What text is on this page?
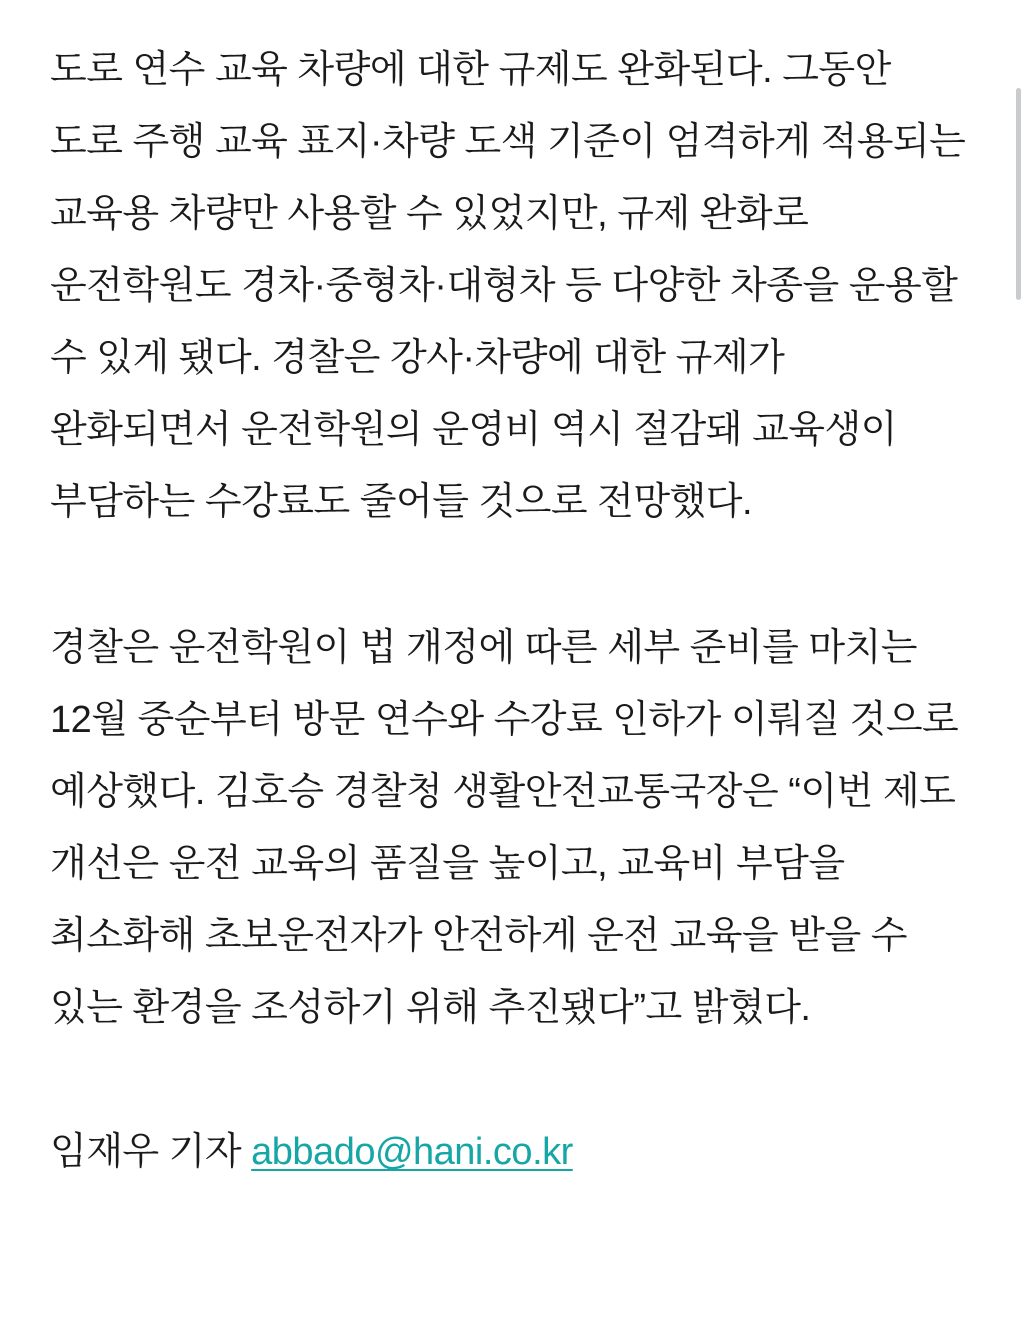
도로 연수 교육 차량에 대한 규제도 완화된다. 그동안 도로 주행 교육 표지·차량 도색 기준이 엄격하게 적용되는 교육용 차량만 사용할 수 있었지만, 규제 완화로 운전학원도 경차·중형차·대형차 등 다양한 차종을 운용할 수 있게 됐다. 경찰은 강사·차량에 대한 규제가 완화되면서 운전학원의 운영비 역시 절감돼 교육생이 부담하는 수강료도 줄어들 것으로 전망했다.

경찰은 운전학원이 법 개정에 따른 세부 준비를 마치는 12월 중순부터 방문 연수와 수강료 인하가 이뤄질 것으로 예상했다. 김호승 경찰청 생활안전교통국장은 “이번 제도 개선은 운전 교육의 품질을 높이고, 교육비 부담을 최소화해 초보운전자가 안전하게 운전 교육을 받을 수 있는 환경을 조성하기 위해 추진됐다”고 밝혔다.

임재우 기자 abbado@hani.co.kr
